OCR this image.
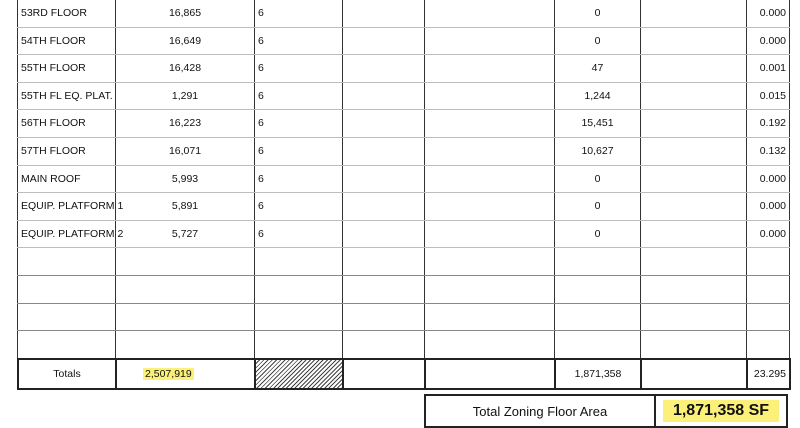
53RD FLOOR	16,865	6			0		0.000
54TH FLOOR	16,649	6			0		0.000
55TH FLOOR	16,428	6			47		0.001
55TH FL EQ. PLAT.	1,291	6			1,244		0.015
56TH FLOOR	16,223	6			15,451		0.192
57TH FLOOR	16,071	6			10,627		0.132
MAIN ROOF	5,993	6			0		0.000
EQUIP. PLATFORM 1	5,891	6			0		0.000
EQUIP. PLATFORM 2	5,727	6			0		0.000

Totals	2,507,919				1,871,358		23.295
Total Zoning Floor Area	1,871,358 SF
